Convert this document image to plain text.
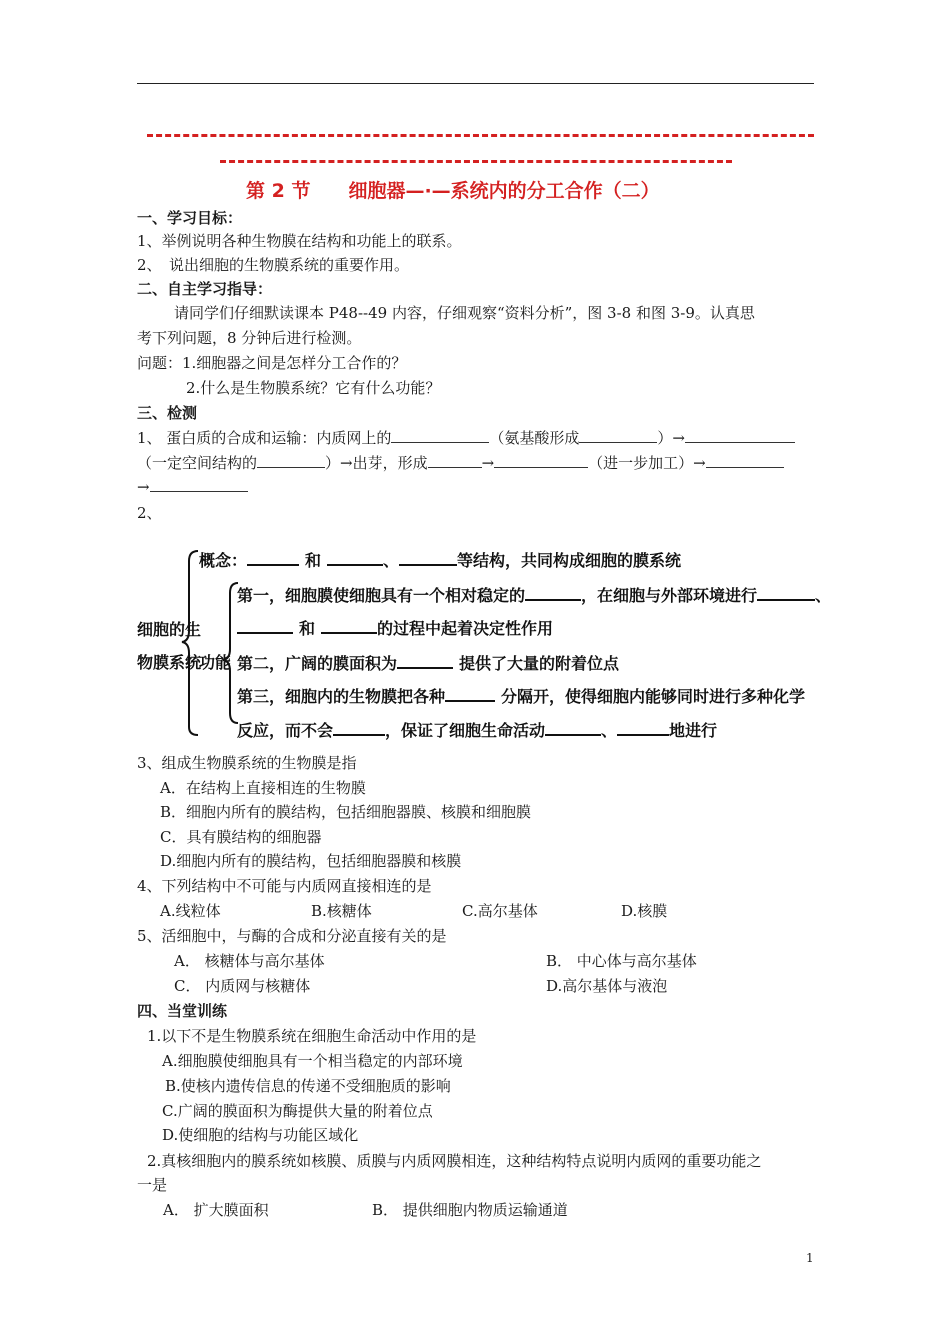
第 2 节　　细胞器—·—系统内的分工合作（二）
一、学习目标：
1、举例说明各种生物膜在结构和功能上的联系。
2、　说出细胞的生物膜系统的重要作用。
二、自主学习指导：
请同学们仔细默读课本 P48--49 内容，仔细观察“资料分析”，图 3-8 和图 3-9。认真思
考下列问题，8 分钟后进行检测。
问题：1.细胞器之间是怎样分工合作的？
2.什么是生物膜系统？它有什么功能？
三、检测
1、 蛋白质的合成和运输：内质网上的	（氨基酸形成	）→
（一定空间结构的	）→出芽，形成	→	（进一步加工）→
→
2、
细胞的生
物膜系统
功能
概念：	和	、	等结构，共同构成细胞的膜系统
第一，细胞膜使细胞具有一个相对稳定的	，在细胞与外部环境进行	、
和	的过程中起着决定性作用
第二，广阔的膜面积为	提供了大量的附着位点
第三，细胞内的生物膜把各种	分隔开，使得细胞内能够同时进行多种化学
反应，而不会	，保证了细胞生命活动	、	地进行
3、组成生物膜系统的生物膜是指
A．在结构上直接相连的生物膜
B．细胞内所有的膜结构，包括细胞器膜、核膜和细胞膜
C．具有膜结构的细胞器
D.细胞内所有的膜结构，包括细胞器膜和核膜
4、下列结构中不可能与内质网直接相连的是
A.线粒体	B.核糖体	C.高尔基体	D.核膜
5、活细胞中，与酶的合成和分泌直接有关的是
A． 核糖体与高尔基体	B． 中心体与高尔基体
C． 内质网与核糖体	D.高尔基体与液泡
四、当堂训练
1.以下不是生物膜系统在细胞生命活动中作用的是
A.细胞膜使细胞具有一个相当稳定的内部环境
B.使核内遗传信息的传递不受细胞质的影响
C.广阔的膜面积为酶提供大量的附着位点
D.使细胞的结构与功能区域化
2.真核细胞内的膜系统如核膜、质膜与内质网膜相连，这种结构特点说明内质网的重要功能之
一是
A． 扩大膜面积	B． 提供细胞内物质运输通道
1
